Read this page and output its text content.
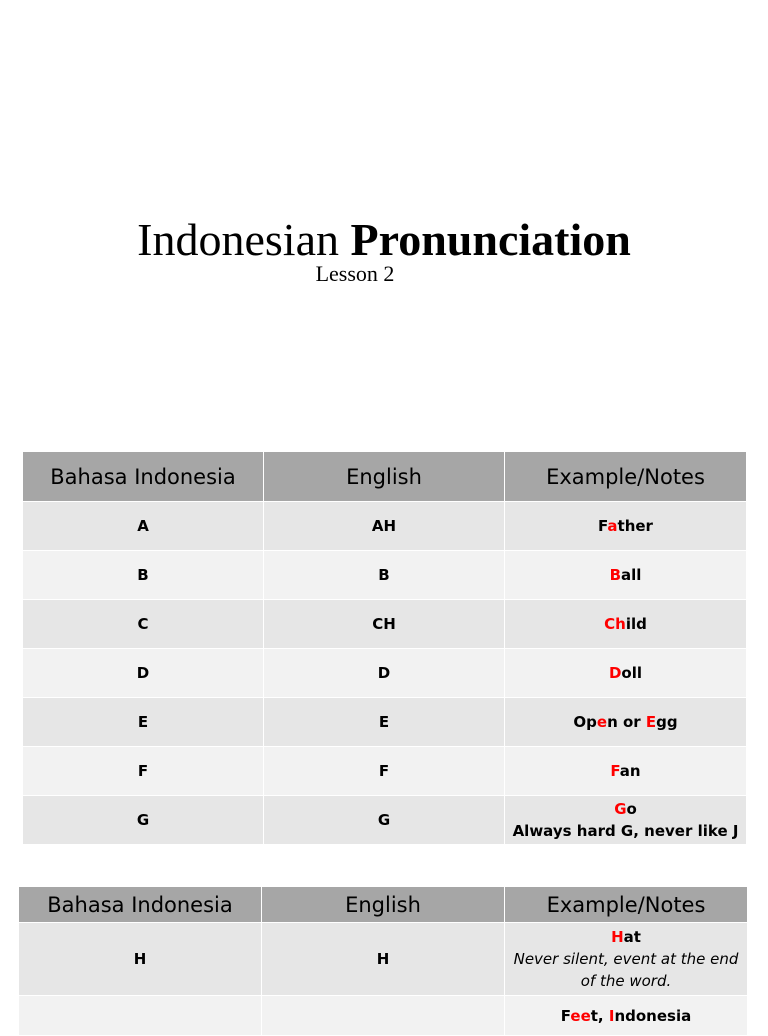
Indonesian Pronunciation
Lesson 2
Bahasa Indonesia	English	Example/Notes
A	AH	Father

B	B	Ball

C	CH	Child

D	D	Doll

E	E	Open or Egg

F	F	Fan

G	G	Go
Always hard G, never like J
Bahasa Indonesia	English	Example/Notes
H	H	Hat
Never silent, event at the end of the word.

		Feet, Indonesia
